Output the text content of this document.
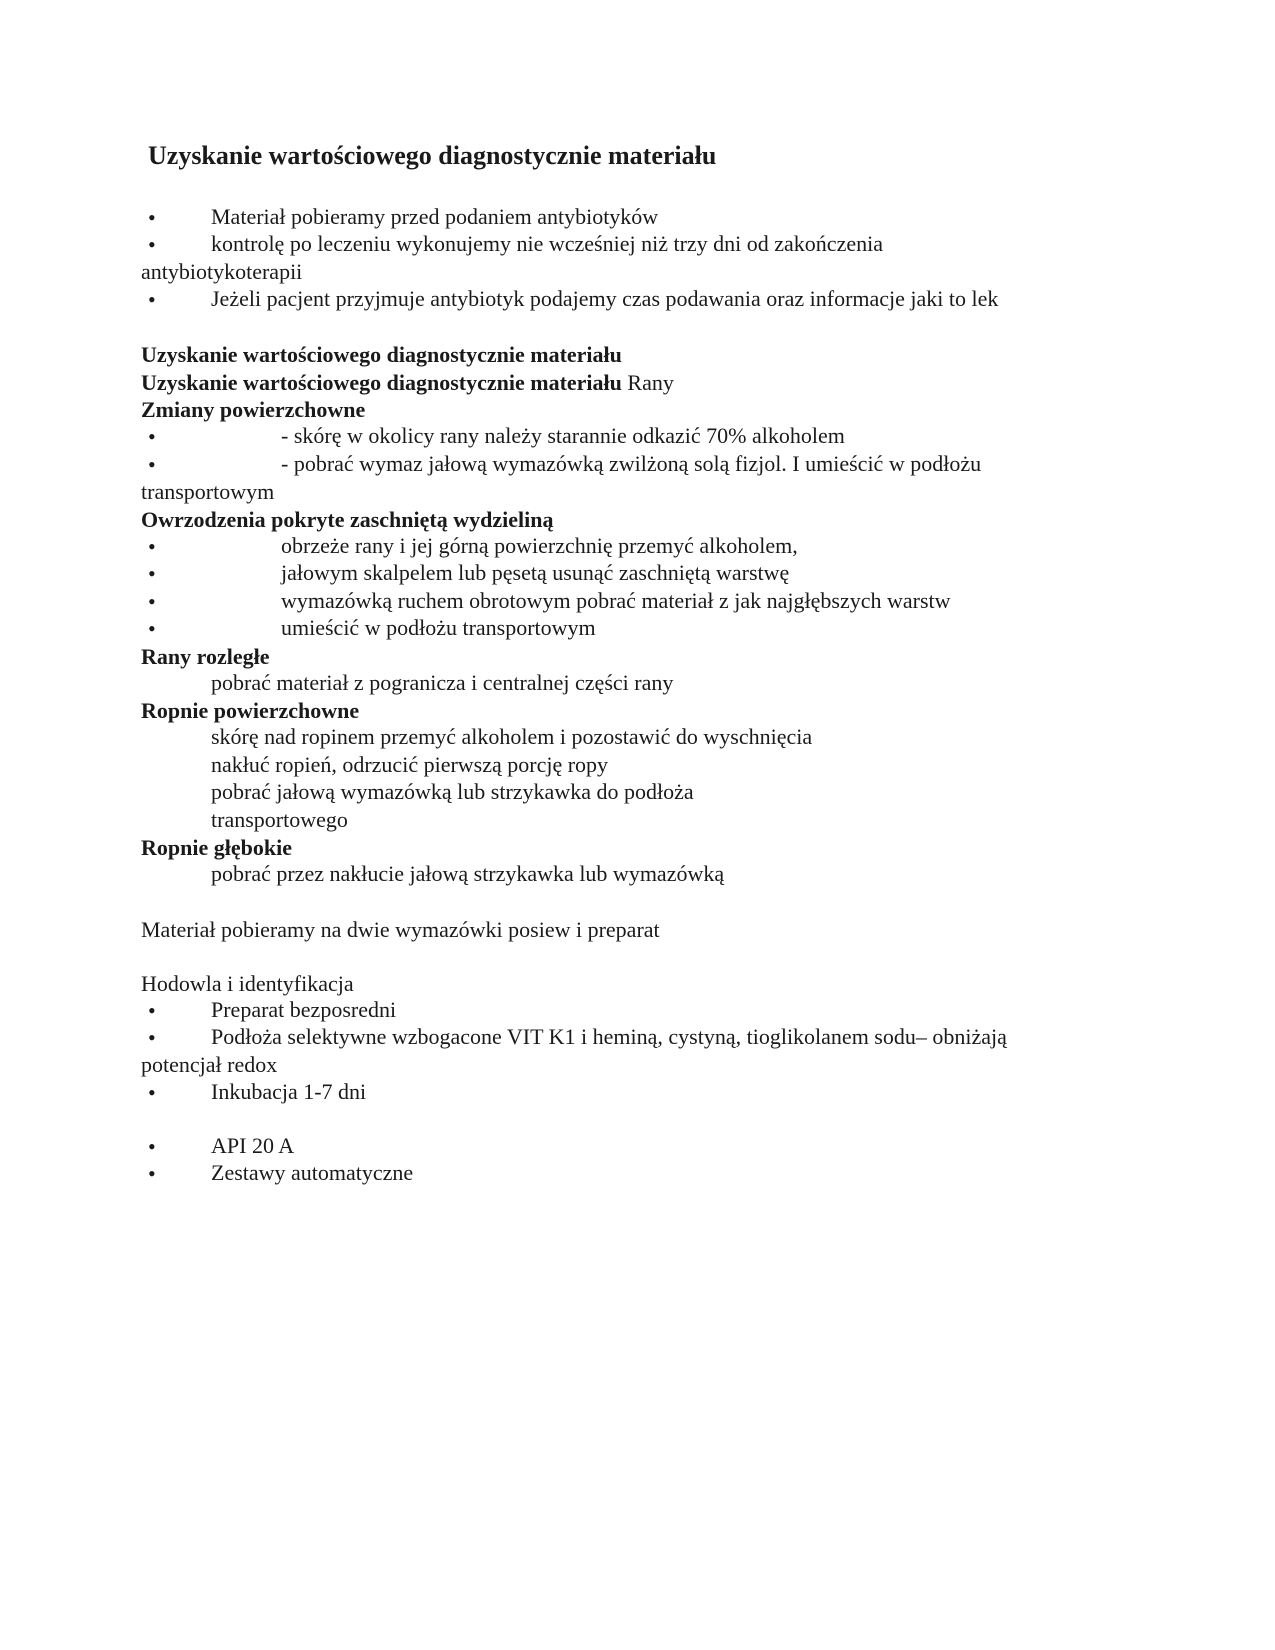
Uzyskanie wartościowego diagnostycznie materiału
•	Materiał pobieramy przed podaniem antybiotyków
•	kontrolę po leczeniu wykonujemy nie wcześniej niż trzy dni od zakończenia
antybiotykoterapii
•	Jeżeli pacjent przyjmuje antybiotyk podajemy czas podawania oraz informacje jaki to lek
Uzyskanie wartościowego diagnostycznie materiału
Uzyskanie wartościowego diagnostycznie materiału Rany
Zmiany powierzchowne
•	- skórę w okolicy rany należy starannie odkazić 70% alkoholem
•	- pobrać wymaz jałową wymazówką zwilżoną solą fizjol. I umieścić w podłożu
transportowym
Owrzodzenia pokryte zaschniętą wydzieliną
•	obrzeże rany i jej górną powierzchnię przemyć alkoholem,
•	jałowym skalpelem lub pęsetą usunąć zaschniętą warstwę
•	wymazówką ruchem obrotowym pobrać materiał z jak najgłębszych warstw
•	umieścić w podłożu transportowym
Rany rozległe
pobrać materiał z pogranicza i centralnej części rany
Ropnie powierzchowne
skórę nad ropinem przemyć alkoholem i pozostawić do wyschnięcia
nakłuć ropień, odrzucić pierwszą porcję ropy
pobrać jałową wymazówką lub strzykawka do podłoża
transportowego
Ropnie głębokie
pobrać przez nakłucie jałową strzykawka lub wymazówką
Materiał pobieramy na dwie wymazówki posiew i preparat
Hodowla i identyfikacja
•	Preparat bezposredni
•	Podłoża selektywne wzbogacone VIT K1 i heminą, cystyną, tioglikolanem sodu– obniżają
potencjał redox
•	Inkubacja 1-7 dni
•	API 20 A
•	Zestawy automatyczne
